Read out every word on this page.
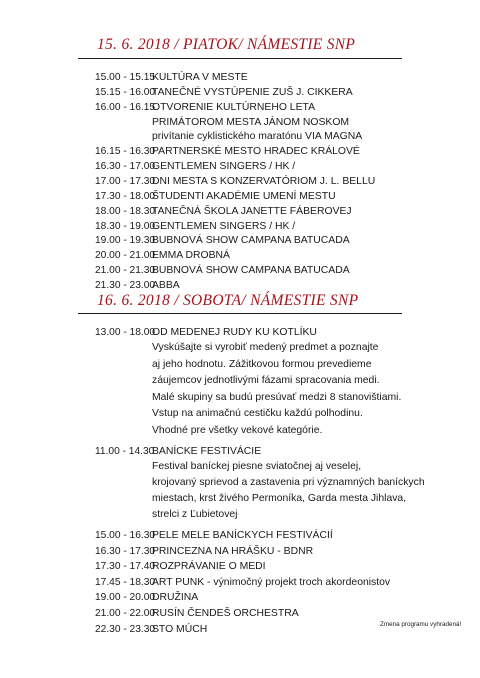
15. 6. 2018 / PIATOK/ NÁMESTIE SNP
15.00 - 15.15
KULTÚRA V MESTE
15.15 - 16.00
TANEČNÉ VYSTÚPENIE ZUŠ J. CIKKERA
16.00 - 16.15
OTVORENIE KULTÚRNEHO LETA
PRIMÁTOROM MESTA JÁNOM NOSKOM
privítanie cyklistického maratónu VIA MAGNA
16.15 - 16.30
PARTNERSKÉ MESTO HRADEC KRÁLOVÉ
16.30 - 17.00
GENTLEMEN SINGERS / HK /
17.00 - 17.30
DNI MESTA S KONZERVATÓRIOM J. L. BELLU
17.30 - 18.00
ŠTUDENTI AKADÉMIE UMENÍ MESTU
18.00 - 18.30
TANEČNÁ ŠKOLA JANETTE FÁBEROVEJ
18.30 - 19.00
GENTLEMEN SINGERS / HK /
19.00 - 19.30
BUBNOVÁ SHOW CAMPANA BATUCADA
20.00 - 21.00
EMMA DROBNÁ
21.00 - 21.30
BUBNOVÁ SHOW CAMPANA BATUCADA
21.30 - 23.00
ABBA
16. 6. 2018 / SOBOTA/ NÁMESTIE SNP
13.00 - 18.00
OD MEDENEJ RUDY KU KOTLÍKU
Vyskúšajte si vyrobiť medený predmet a poznajte
aj jeho hodnotu. Zážitkovou formou prevedieme
záujemcov jednotlivými fázami spracovania medi.
Malé skupiny sa budú presúvať medzi 8 stanovištiami.
Vstup na animačnú cestičku každú polhodinu.
Vhodné pre všetky vekové kategórie.
11.00 - 14.30
BANÍCKE FESTIVÁCIE
Festival baníckej piesne sviatočnej aj veselej,
krojovaný sprievod a zastavenia pri významných baníckych
miestach, krst živého Permoníka, Garda mesta Jihlava,
strelci z Ľubietovej
15.00 - 16.30
PELE MELE BANÍCKYCH FESTIVÁCIÍ
16.30 - 17.30
PRINCEZNA NA HRÁŠKU - BDNR
17.30 - 17.40
ROZPRÁVANIE O MEDI
17.45 - 18.30
ART PUNK - výnimočný projekt troch akordeonistov
19.00 - 20.00
DRUŽINA
21.00 - 22.00
RUSÍN ČENDEŠ ORCHESTRA
22.30 - 23.30
STO MÚCH	Zmena programu vyhradená!
